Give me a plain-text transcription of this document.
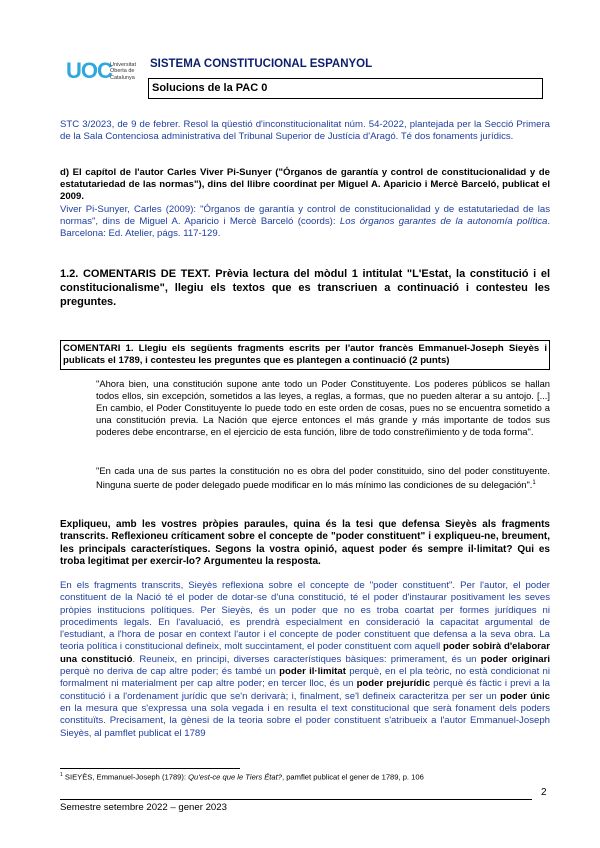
UOC
Universitat Oberta de Catalunya
SISTEMA CONSTITUCIONAL ESPANYOL
Solucions de la PAC 0
STC 3/2023, de 9 de febrer. Resol la qüestió d'inconstitucionalitat núm. 54-2022, plantejada per la Secció Primera de la Sala Contenciosa administrativa del Tribunal Superior de Justícia d'Aragó. Té dos fonaments jurídics.
d) El capítol de l'autor Carles Viver Pi-Sunyer ("Órganos de garantía y control de constitucionalidad y de estatutariedad de las normas"), dins del llibre coordinat per Miguel A. Aparicio i Mercè Barceló, publicat el 2009.
Viver Pi-Sunyer, Carles (2009): "Órganos de garantía y control de constitucionalidad y de estatutariedad de las normas", dins de Miguel A. Aparicio i Mercè Barceló (coords): Los órganos garantes de la autonomía política. Barcelona: Ed. Atelier, págs. 117-129.
1.2. COMENTARIS DE TEXT. Prèvia lectura del mòdul 1 intitulat "L'Estat, la constitució i el constitucionalisme", llegiu els textos que es transcriuen a continuació i contesteu les preguntes.
COMENTARI 1. Llegiu els següents fragments escrits per l'autor francès Emmanuel-Joseph Sieyès i publicats el 1789, i contesteu les preguntes que es plantegen a continuació (2 punts)
"Ahora bien, una constitución supone ante todo un Poder Constituyente. Los poderes públicos se hallan todos ellos, sin excepción, sometidos a las leyes, a reglas, a formas, que no pueden alterar a su antojo. [...] En cambio, el Poder Constituyente lo puede todo en este orden de cosas, pues no se encuentra sometido a una constitución previa. La Nación que ejerce entonces el más grande y más importante de todos sus poderes debe encontrarse, en el ejercicio de esta función, libre de todo constreñimiento y de toda forma".
"En cada una de sus partes la constitución no es obra del poder constituido, sino del poder constituyente. Ninguna suerte de poder delegado puede modificar en lo más mínimo las condiciones de su delegación".$^1$
Expliqueu, amb les vostres pròpies paraules, quina és la tesi que defensa Sieyès als fragments transcrits. Reflexioneu críticament sobre el concepte de "poder constituent" i expliqueu-ne, breument, les principals característiques. Segons la vostra opinió, aquest poder és sempre il·limitat? Qui es troba legitimat per exercir-lo? Argumenteu la resposta.
En els fragments transcrits, Sieyès reflexiona sobre el concepte de "poder constituent". Per l'autor, el poder constituent de la Nació té el poder de dotar-se d'una constitució, té el poder d'instaurar positivament les seves pròpies institucions polítiques. Per Sieyès, és un poder que no es troba coartat per formes jurídiques ni procediments legals. En l'avaluació, es prendrà especialment en consideració la capacitat argumental de l'estudiant, a l'hora de posar en context l'autor i el concepte de poder constituent que defensa a la seva obra. La teoria política i constitucional defineix, molt succintament, el poder constituent com aquell poder sobirà d'elaborar una constitució. Reuneix, en principi, diverses característiques bàsiques: primerament, és un poder originari perquè no deriva de cap altre poder; és també un poder il·limitat perquè, en el pla teòric, no està condicionat ni formalment ni materialment per cap altre poder; en tercer lloc, és un poder prejurídic perquè és fàctic i previ a la constitució i a l'ordenament jurídic que se'n derivarà; i, finalment, se'l defineix caracteritza per ser un poder únic en la mesura que s'expressa una sola vegada i en resulta el text constitucional que serà fonament dels poders constituïts. Precisament, la gènesi de la teoria sobre el poder constituent s'atribueix a l'autor Emmanuel-Joseph Sieyès, al pamflet publicat el 1789
$^1$ SIEYÈS, Emmanuel-Joseph (1789): Qu'est-ce que le Tiers État?, pamflet publicat el gener de 1789, p. 106
2
Semestre setembre 2022 – gener 2023
